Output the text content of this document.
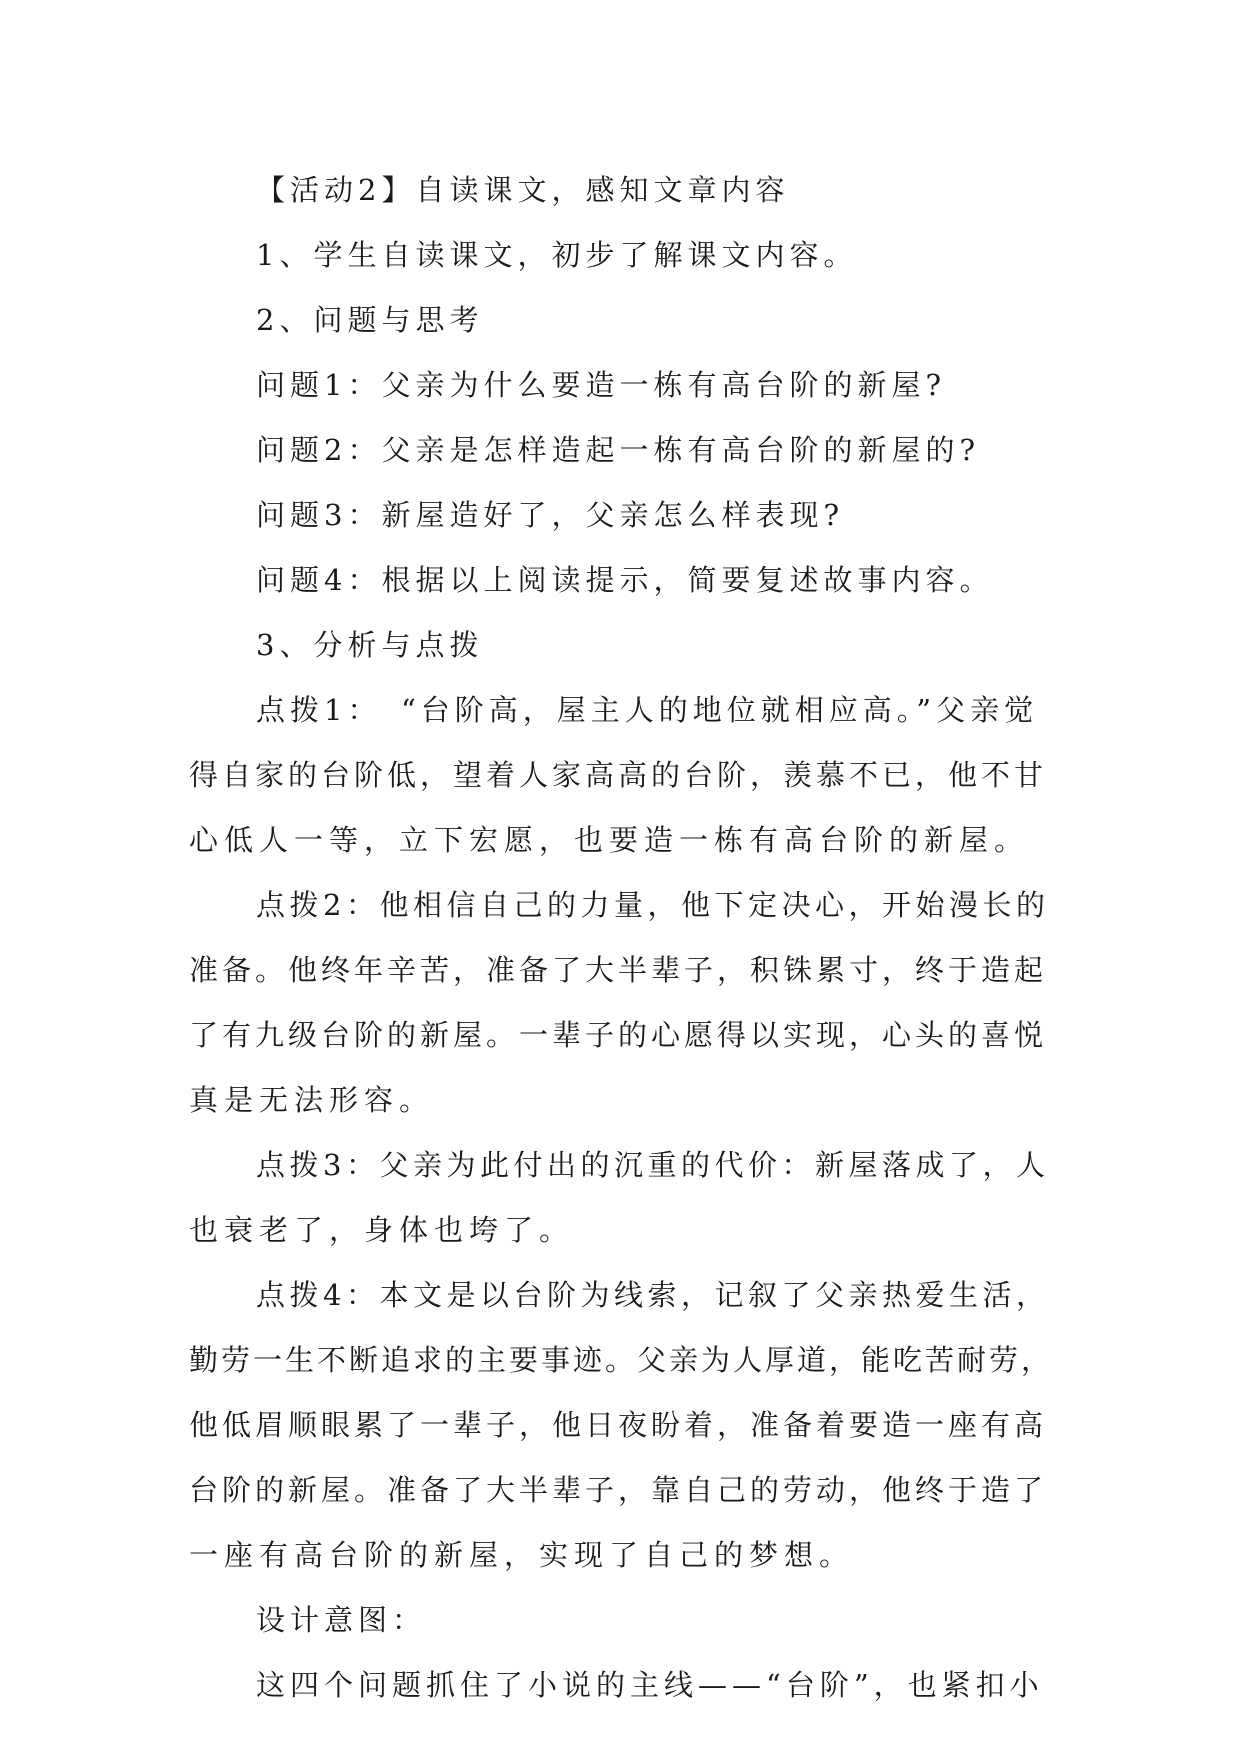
【活动2】自读课文，感知文章内容
1、学生自读课文，初步了解课文内容。
2、问题与思考
问题1：父亲为什么要造一栋有高台阶的新屋?
问题2：父亲是怎样造起一栋有高台阶的新屋的?
问题3：新屋造好了，父亲怎么样表现?
问题4：根据以上阅读提示，简要复述故事内容。
3、分析与点拨
点拨1：　“台阶高，屋主人的地位就相应高。”父亲觉
得自家的台阶低，望着人家高高的台阶，羡慕不已，他不甘
心低人一等，立下宏愿，也要造一栋有高台阶的新屋。
点拨2：他相信自己的力量，他下定决心，开始漫长的
准备。他终年辛苦，准备了大半辈子，积铢累寸，终于造起
了有九级台阶的新屋。一辈子的心愿得以实现，心头的喜悦
真是无法形容。
点拨3：父亲为此付出的沉重的代价：新屋落成了，人
也衰老了，身体也垮了。
点拨4：本文是以台阶为线索，记叙了父亲热爱生活，
勤劳一生不断追求的主要事迹。父亲为人厚道，能吃苦耐劳，
他低眉顺眼累了一辈子，他日夜盼着，准备着要造一座有高
台阶的新屋。准备了大半辈子，靠自己的劳动，他终于造了
一座有高台阶的新屋，实现了自己的梦想。
设计意图：
这四个问题抓住了小说的主线——“台阶”，也紧扣小
